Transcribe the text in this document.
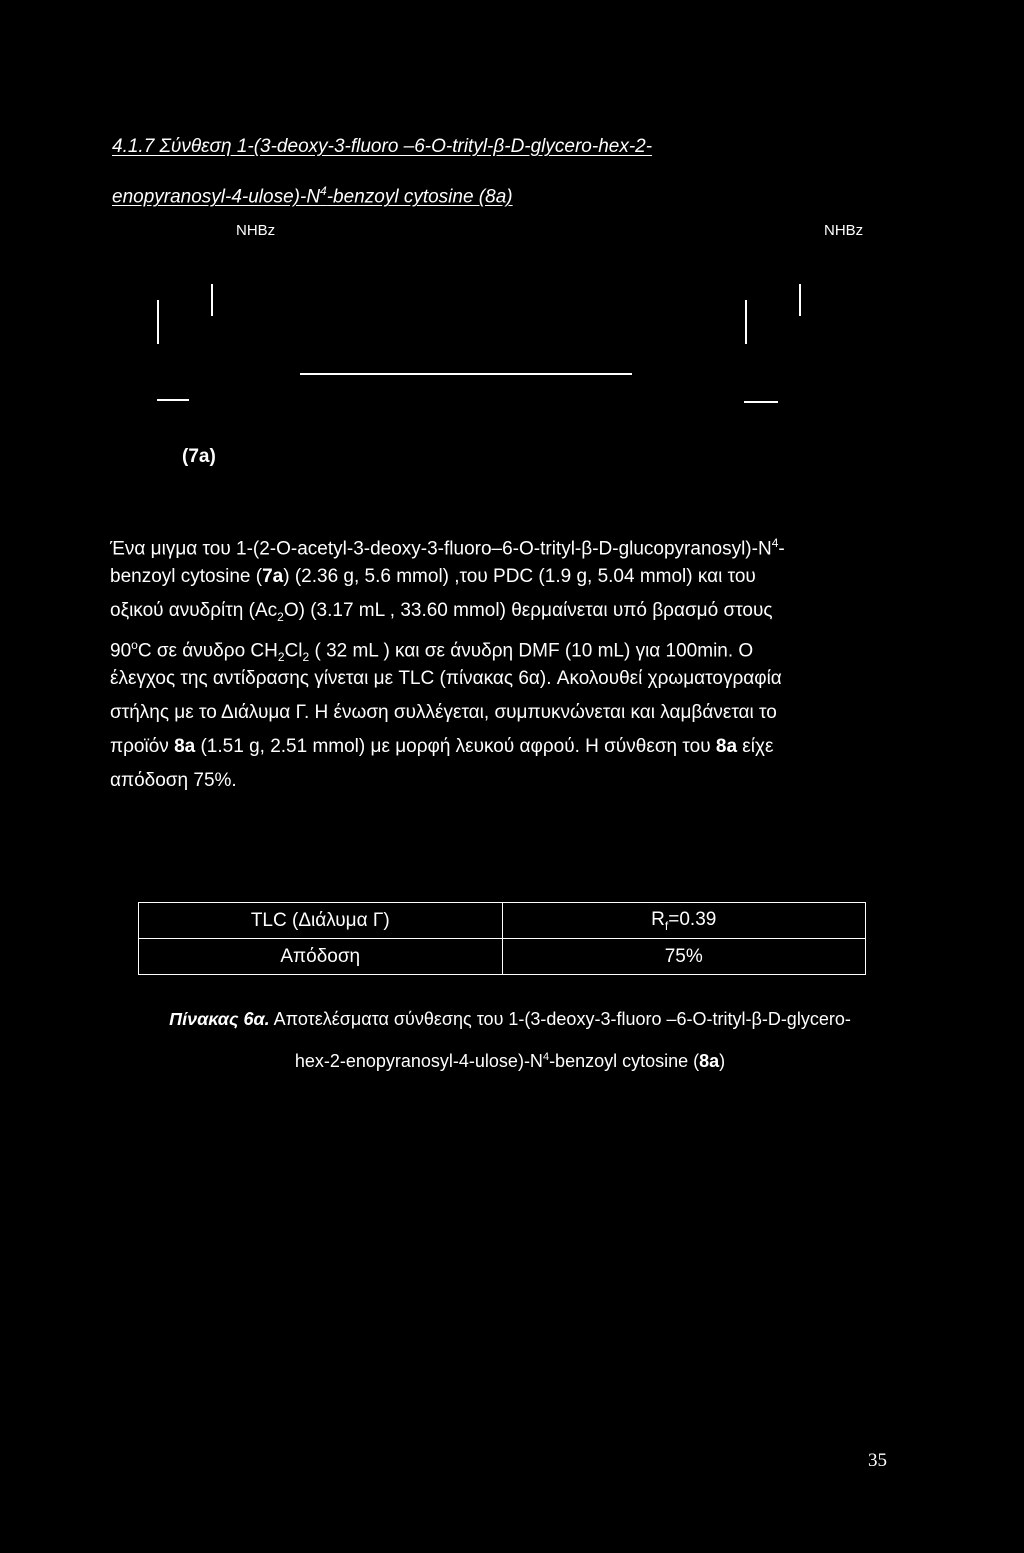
4.1.7 Σύνθεση 1-(3-deoxy-3-fluoro –6-O-trityl-β-D-glycero-hex-2-
enopyranosyl-$4-ulose)-N^4$-benzoyl cytosine (8a)
NHBz	NHBz
(7a)
Ένα μιγμα του $1-(2-O-acetyl-3-deoxy-3-fluoro-6-O-trityl-\beta-D-glucopyranosyl)-N^4-$
benzoyl cytosine (7a) (2.36 g, 5.6 mmol) ,του PDC (1.9 g, 5.04 mmol) και του
οξικού ανυδρίτη $(Ac_2O)$ (3.17 mL , 33.60 mmol) θερμαίνεται υπό βρασμό στους
90$^o$C σε άνυδρο $CH_2Cl_2$ ( 32 mL ) και σε άνυδρη DMF (10 mL) για 100min. Ο
έλεγχος της αντίδρασης γίνεται με TLC (πίνακας 6α). Ακολουθεί χρωματογραφία
στήλης με το Διάλυμα Γ. Η ένωση συλλέγεται, συμπυκνώνεται και λαμβάνεται το
προϊόν 8a (1.51 g, 2.51 mmol) με μορφή λευκού αφρού. Η σύνθεση του 8a είχε
απόδοση 75%.
TLC (Διάλυμα Γ)	$R_f=0.39$
Απόδοση	75%
Πίνακας 6α. Αποτελέσματα σύνθεσης του 1-(3-deoxy-3-fluoro –6-O-trityl-β-D-glycero-
hex-$2-enopyranosyl-4-ulose)-N^4$-benzoyl cytosine (8a)
35
